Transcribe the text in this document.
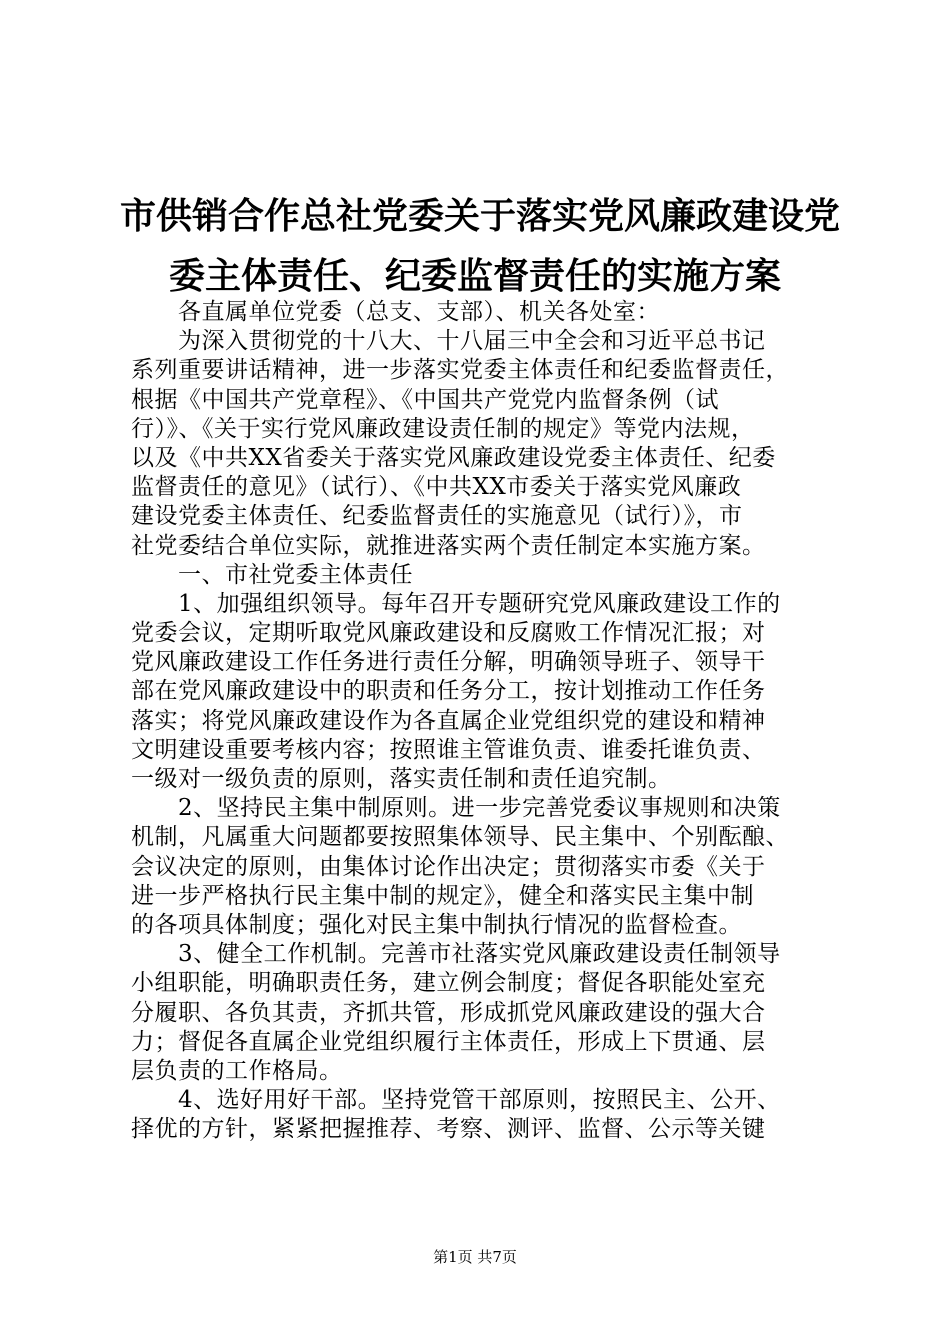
市供销合作总社党委关于落实党风廉政建设党
委主体责任、纪委监督责任的实施方案
　　各直属单位党委（总支、支部）、机关各处室：
　　为深入贯彻党的十八大、十八届三中全会和习近平总书记
系列重要讲话精神，进一步落实党委主体责任和纪委监督责任，
根据《中国共产党章程》、《中国共产党党内监督条例（试
行）》、《关于实行党风廉政建设责任制的规定》等党内法规，
以及《中共XX省委关于落实党风廉政建设党委主体责任、纪委
监督责任的意见》（试行）、《中共XX市委关于落实党风廉政
建设党委主体责任、纪委监督责任的实施意见（试行）》，市
社党委结合单位实际，就推进落实两个责任制定本实施方案。
　　一、市社党委主体责任
　　1、加强组织领导。每年召开专题研究党风廉政建设工作的
党委会议，定期听取党风廉政建设和反腐败工作情况汇报；对
党风廉政建设工作任务进行责任分解，明确领导班子、领导干
部在党风廉政建设中的职责和任务分工，按计划推动工作任务
落实；将党风廉政建设作为各直属企业党组织党的建设和精神
文明建设重要考核内容；按照谁主管谁负责、谁委托谁负责、
一级对一级负责的原则，落实责任制和责任追究制。
　　2、坚持民主集中制原则。进一步完善党委议事规则和决策
机制，凡属重大问题都要按照集体领导、民主集中、个别酝酿、
会议决定的原则，由集体讨论作出决定；贯彻落实市委《关于
进一步严格执行民主集中制的规定》，健全和落实民主集中制
的各项具体制度；强化对民主集中制执行情况的监督检查。
　　3、健全工作机制。完善市社落实党风廉政建设责任制领导
小组职能，明确职责任务，建立例会制度；督促各职能处室充
分履职、各负其责，齐抓共管，形成抓党风廉政建设的强大合
力；督促各直属企业党组织履行主体责任，形成上下贯通、层
层负责的工作格局。
　　4、选好用好干部。坚持党管干部原则，按照民主、公开、
择优的方针，紧紧把握推荐、考察、测评、监督、公示等关键
第1页 共7页
